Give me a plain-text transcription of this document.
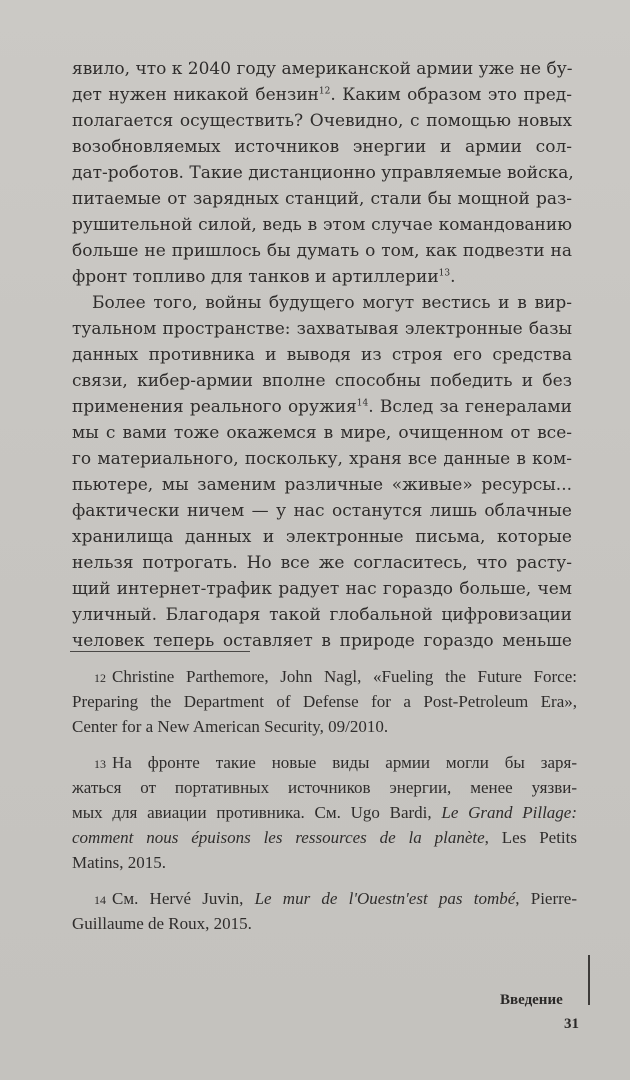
явило, что к 2040 году американской армии уже не бу-
дет нужен никакой бензин$^{12}$. Каким образом это пред-
полагается осуществить? Очевидно, с помощью новых
возобновляемых источников энергии и армии сол-
дат-роботов. Такие дистанционно управляемые войска,
питаемые от зарядных станций, стали бы мощной раз-
рушительной силой, ведь в этом случае командованию
больше не пришлось бы думать о том, как подвезти на
фронт топливо для танков и артиллерии$^{13}$.
Более того, войны будущего могут вестись и в вир-
туальном пространстве: захватывая электронные базы
данных противника и выводя из строя его средства
связи, кибер-армии вполне способны победить и без
применения реального оружия$^{14}$. Вслед за генералами
мы с вами тоже окажемся в мире, очищенном от все-
го материального, поскольку, храня все данные в ком-
пьютере, мы заменим различные «живые» ресурсы...
фактически ничем — у нас останутся лишь облачные
хранилища данных и электронные письма, которые
нельзя потрогать. Но все же согласитесь, что расту-
щий интернет-трафик радует нас гораздо больше, чем
уличный. Благодаря такой глобальной цифровизации
человек теперь оставляет в природе гораздо меньше
12 Christine Parthemore, John Nagl, «Fueling the Future Force:
Preparing the Department of Defense for a Post-Petroleum Era»,
Center for a New American Security, 09/2010.
13 На фронте такие новые виды армии могли бы заря-
жаться от портативных источников энергии, менее уязви-
мых для авиации противника. См. Ugo Bardi, Le Grand Pillage:
comment nous épuisons les ressources de la planète, Les Petits
Matins, 2015.
14 См. Hervé Juvin, Le mur de l'Ouestn'est pas tombé, Pierre-
Guillaume de Roux, 2015.
Введение
31
